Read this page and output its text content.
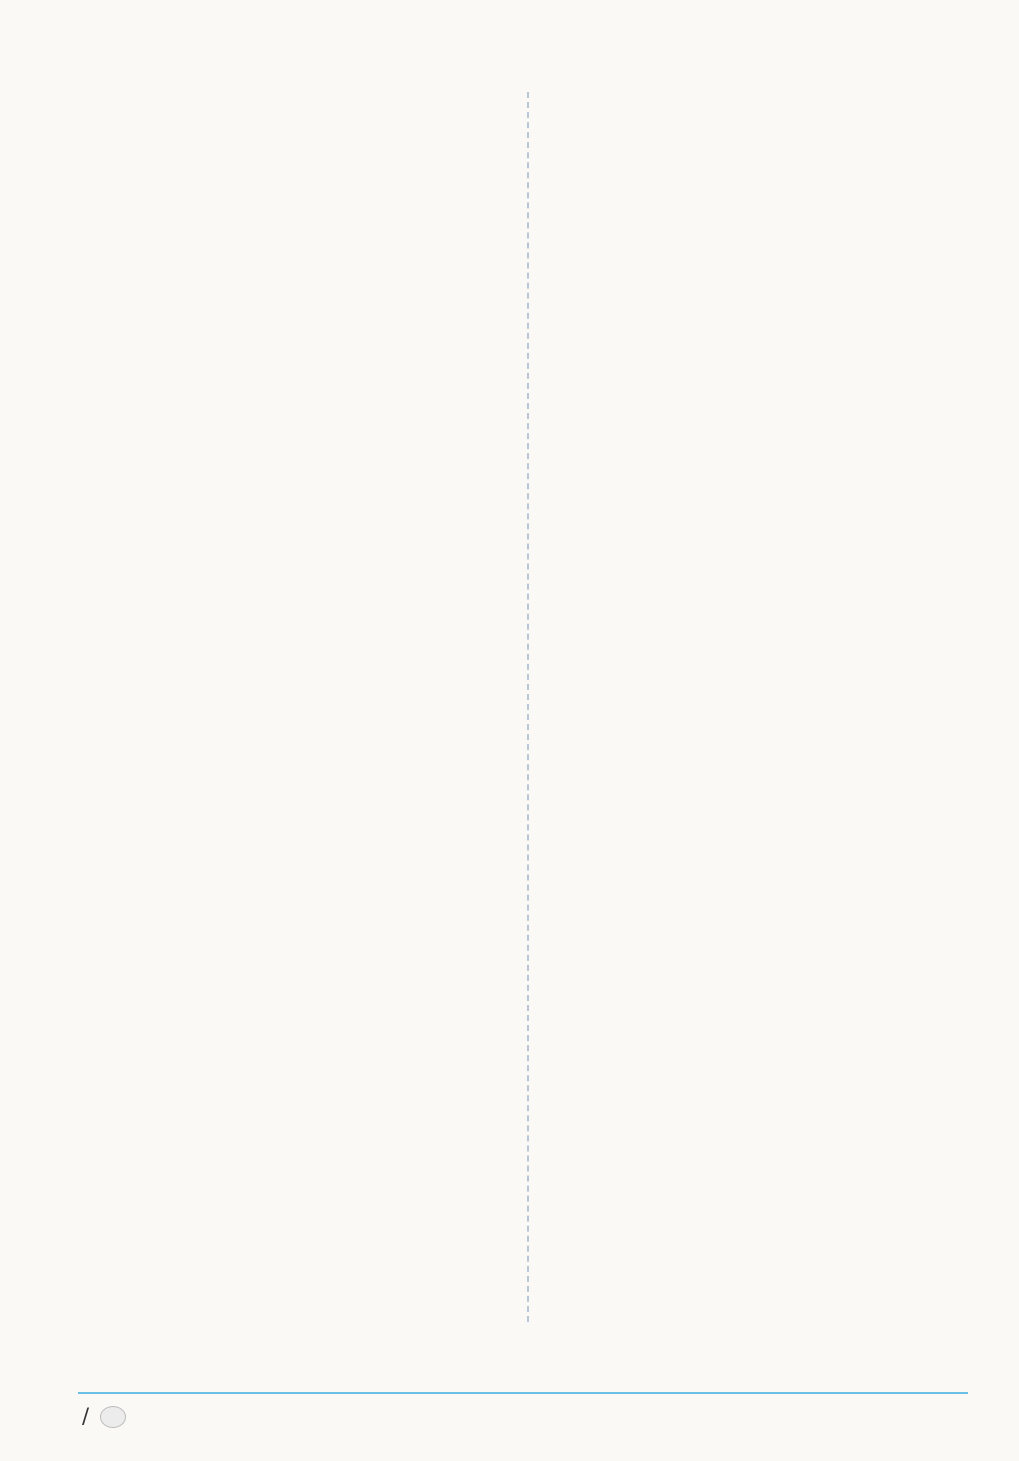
/
